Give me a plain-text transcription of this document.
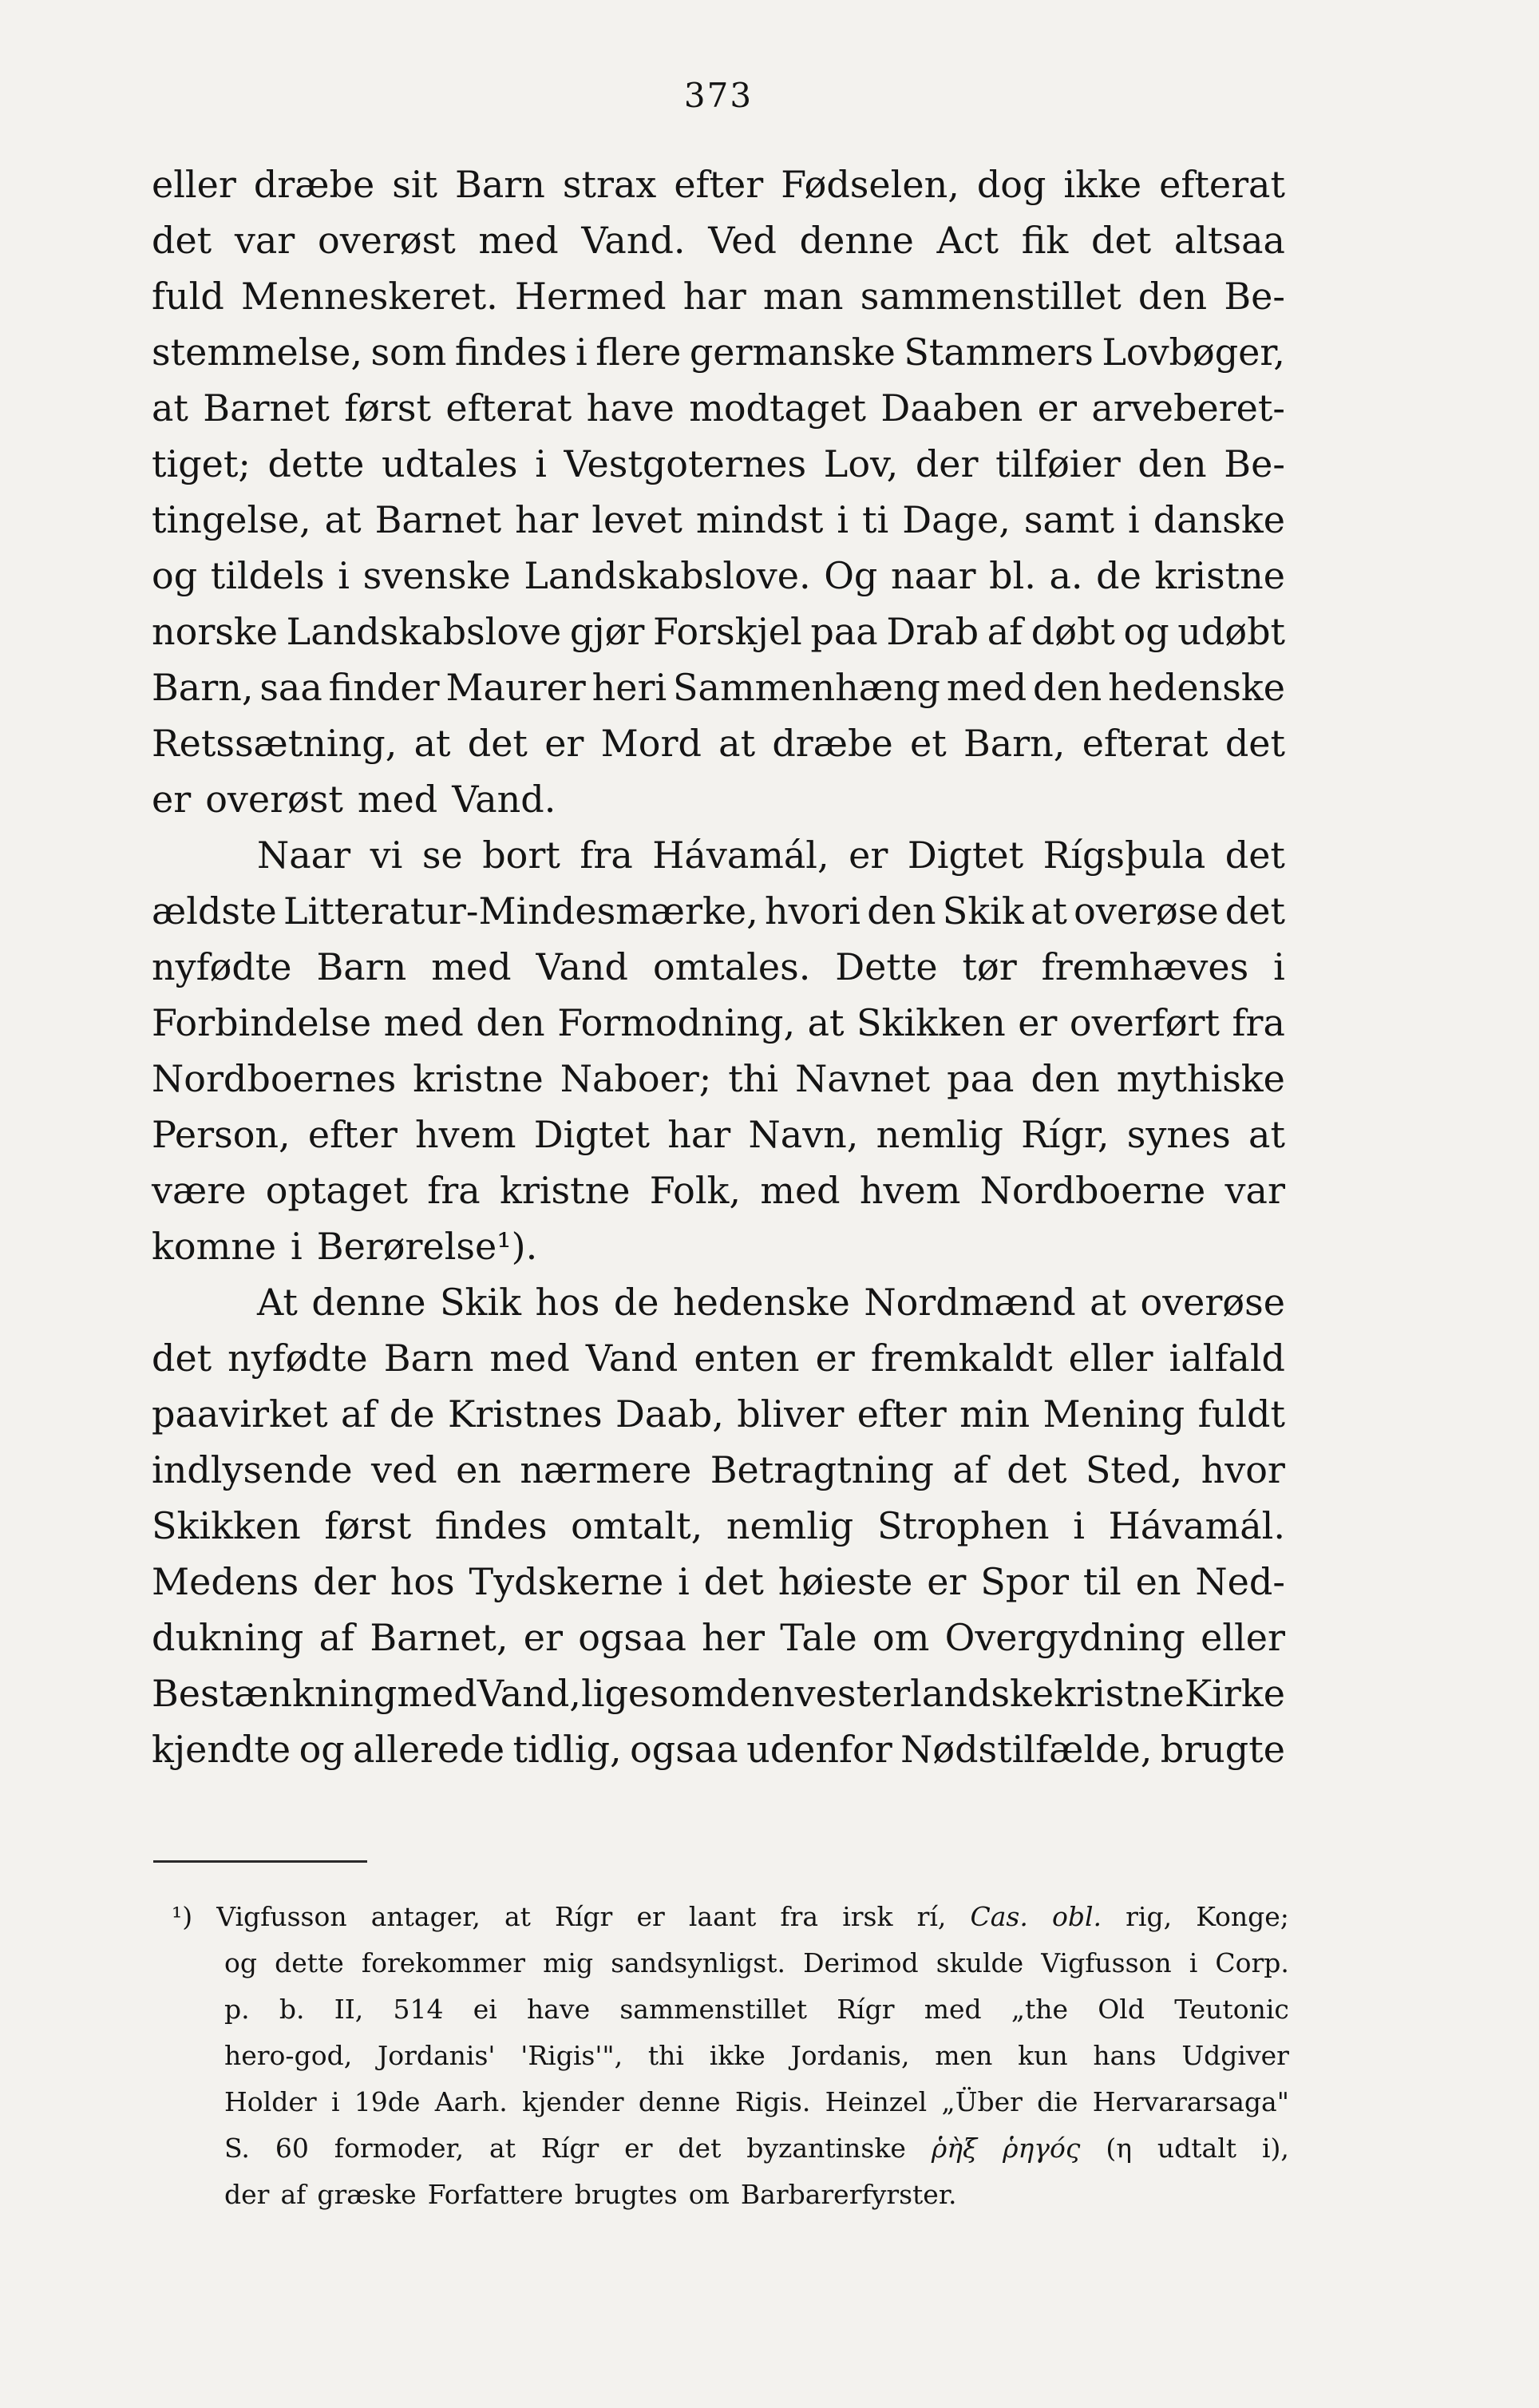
373
eller dræbe sit Barn strax efter Fødselen, dog ikke efterat
det var overøst med Vand. Ved denne Act fik det altsaa
fuld Menneskeret. Hermed har man sammenstillet den Be-
stemmelse, som findes i flere germanske Stammers Lovbøger,
at Barnet først efterat have modtaget Daaben er arveberet-
tiget; dette udtales i Vestgoternes Lov, der tilføier den Be-
tingelse, at Barnet har levet mindst i ti Dage, samt i danske
og tildels i svenske Landskabslove. Og naar bl. a. de kristne
norske Landskabslove gjør Forskjel paa Drab af døbt og udøbt
Barn, saa finder Maurer heri Sammenhæng med den hedenske
Retssætning, at det er Mord at dræbe et Barn, efterat det
er overøst med Vand.
Naar vi se bort fra Hávamál, er Digtet Rígsþula det
ældste Litteratur-Mindesmærke, hvori den Skik at overøse det
nyfødte Barn med Vand omtales. Dette tør fremhæves i
Forbindelse med den Formodning, at Skikken er overført fra
Nordboernes kristne Naboer; thi Navnet paa den mythiske
Person, efter hvem Digtet har Navn, nemlig Rígr, synes at
være optaget fra kristne Folk, med hvem Nordboerne var
komne i Berørelse¹).
At denne Skik hos de hedenske Nordmænd at overøse
det nyfødte Barn med Vand enten er fremkaldt eller ialfald
paavirket af de Kristnes Daab, bliver efter min Mening fuldt
indlysende ved en nærmere Betragtning af det Sted, hvor
Skikken først findes omtalt, nemlig Strophen i Hávamál.
Medens der hos Tydskerne i det høieste er Spor til en Ned-
dukning af Barnet, er ogsaa her Tale om Overgydning eller
Bestænkning med Vand, ligesom den vesterlandske kristne Kirke
kjendte og allerede tidlig, ogsaa udenfor Nødstilfælde, brugte
¹) Vigfusson antager, at Rígr er laant fra irsk rí, Cas. obl. rig, Konge;
og dette forekommer mig sandsynligst. Derimod skulde Vigfusson i Corp.
p. b. II, 514 ei have sammenstillet Rígr med „the Old Teutonic
hero-god, Jordanis' 'Rigis'", thi ikke Jordanis, men kun hans Udgiver
Holder i 19de Aarh. kjender denne Rigis. Heinzel „Über die Hervararsaga"
S. 60 formoder, at Rígr er det byzantinske ῥὴξ ῥηγός (η udtalt i),
der af græske Forfattere brugtes om Barbarerfyrster.
